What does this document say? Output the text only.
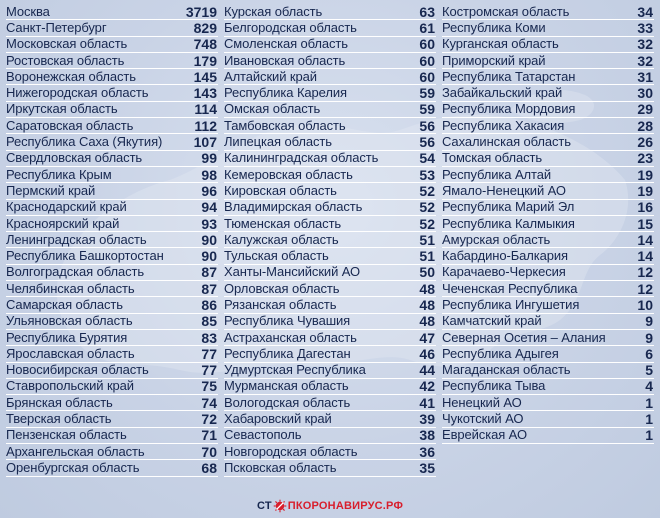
Москва	3719
Санкт-Петербург	829
Московская область	748
Ростовская область	179
Воронежская область	145
Нижегородская область	143
Иркутская область	114
Саратовская область	112
Республика Саха (Якутия) 107
Свердловская область	99
Республика Крым	98
Пермский край	96
Краснодарский край	94
Красноярский край	93
Ленинградская область	90
Республика Башкортостан	90
Волгоградская область	87
Челябинская область	87
Самарская область	86
Ульяновская область	85
Республика Бурятия	83
Ярославская область	77
Новосибирская область	77
Ставропольский край	75
Брянская область	74
Тверская область	72
Пензенская область	71
Архангельская область	70
Оренбургская область	68
Курская область	63
Белгородская область	61
Смоленская область	60
Ивановская область	60
Алтайский край	60
Республика Карелия	59
Омская область	59
Тамбовская область	56
Липецкая область	56
Калининградская область	54
Кемеровская область	53
Кировская область	52
Владимирская область	52
Тюменская область	52
Калужская область	51
Тульская область	51
Ханты-Мансийский АО	50
Орловская область	48
Рязанская область	48
Республика Чувашия	48
Астраханская область	47
Республика Дагестан	46
Удмуртская Республика	44
Мурманская область	42
Вологодская область	41
Хабаровский край	39
Севастополь	38
Новгородская область	36
Псковская область	35
Костромская область	34
Республика Коми	33
Курганская область	32
Приморский край	32
Республика Татарстан	31
Забайкальский край	30
Республика Мордовия	29
Республика Хакасия	28
Сахалинская область	26
Томская область	23
Республика Алтай	19
Ямало-Ненецкий АО	19
Республика Марий Эл	16
Республика Калмыкия	15
Амурская область	14
Кабардино-Балкария	14
Карачаево-Черкесия	12
Чеченская Республика	12
Республика Ингушетия	10
Камчатский край	9
Северная Осетия – Алания	9
Республика Адыгея	6
Магаданская область	5
Республика Тыва	4
Ненецкий АО	1
Чукотский АО	1
Еврейская АО	1
СТ ПКОРОНАВИРУС .РФ
